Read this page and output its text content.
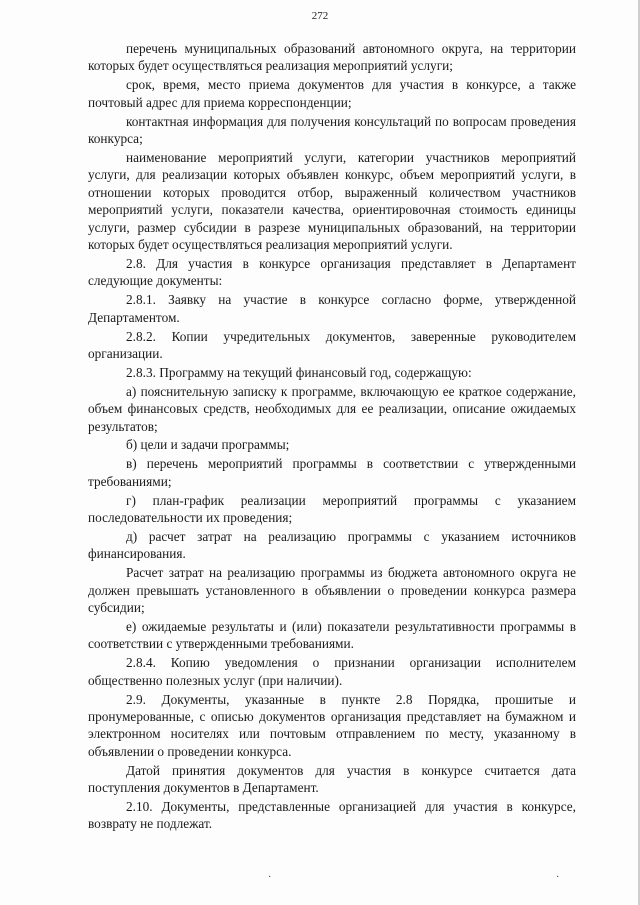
272

перечень муниципальных образований автономного округа, на территории которых будет осуществляться реализация мероприятий услуги;

срок, время, место приема документов для участия в конкурсе, а также почтовый адрес для приема корреспонденции;

контактная информация для получения консультаций по вопросам проведения конкурса;

наименование мероприятий услуги, категории участников мероприятий услуги, для реализации которых объявлен конкурс, объем мероприятий услуги, в отношении которых проводится отбор, выраженный количеством участников мероприятий услуги, показатели качества, ориентировочная стоимость единицы услуги, размер субсидии в разрезе муниципальных образований, на территории которых будет осуществляться реализация мероприятий услуги.

2.8. Для участия в конкурсе организация представляет в Департамент следующие документы:

2.8.1. Заявку на участие в конкурсе согласно форме, утвержденной Департаментом.

2.8.2. Копии учредительных документов, заверенные руководителем организации.

2.8.3. Программу на текущий финансовый год, содержащую:

а) пояснительную записку к программе, включающую ее краткое содержание, объем финансовых средств, необходимых для ее реализации, описание ожидаемых результатов;

б) цели и задачи программы;

в) перечень мероприятий программы в соответствии с утвержденными требованиями;

г) план-график реализации мероприятий программы с указанием последовательности их проведения;

д) расчет затрат на реализацию программы с указанием источников финансирования.

Расчет затрат на реализацию программы из бюджета автономного округа не должен превышать установленного в объявлении о проведении конкурса размера субсидии;

е) ожидаемые результаты и (или) показатели результативности программы в соответствии с утвержденными требованиями.

2.8.4. Копию уведомления о признании организации исполнителем общественно полезных услуг (при наличии).

2.9. Документы, указанные в пункте 2.8 Порядка, прошитые и пронумерованные, с описью документов организация представляет на бумажном и электронном носителях или почтовым отправлением по месту, указанному в объявлении о проведении конкурса.

Датой принятия документов для участия в конкурсе считается дата поступления документов в Департамент.

2.10. Документы, представленные организацией для участия в конкурсе, возврату не подлежат.

·	·
